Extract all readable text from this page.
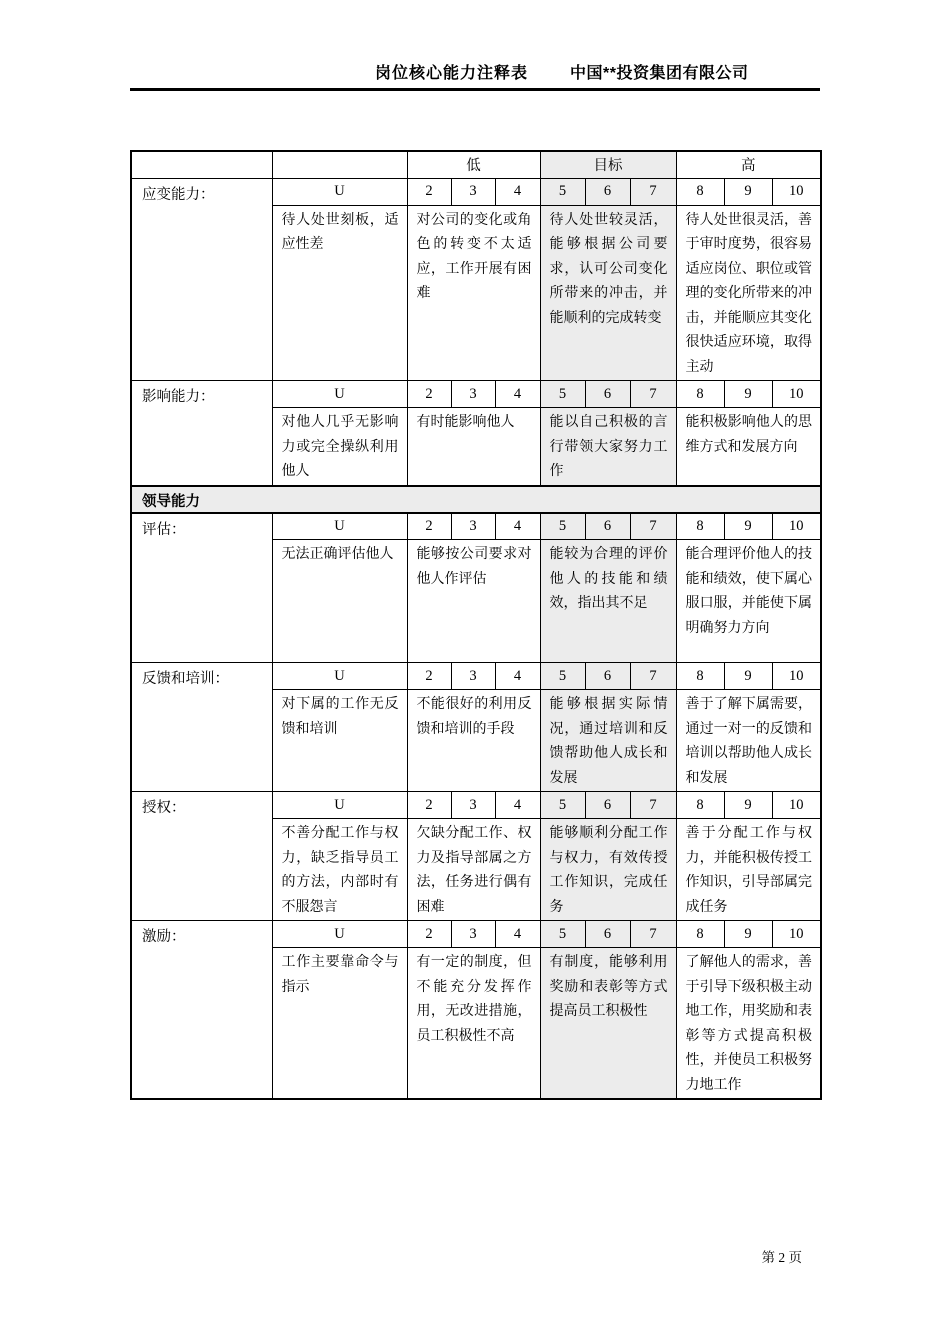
岗位核心能力注释表	中国**投资集团有限公司
		低			目标			高		
应变能力：	U	2	3	4	5	6	7	8	9	10
	待人处世刻板，适应性差	对公司的变化或角色的转变不太适应，工作开展有困难			待人处世较灵活，能够根据公司要求，认可公司变化所带来的冲击，并能顺利的完成转变			待人处世很灵活，善于审时度势，很容易适应岗位、职位或管理的变化所带来的冲击，并能顺应其变化很快适应环境，取得主动		
影响能力：	U	2	3	4	5	6	7	8	9	10
	对他人几乎无影响力或完全操纵利用他人	有时能影响他人			能以自己积极的言行带领大家努力工作			能积极影响他人的思维方式和发展方向		
领导能力										
评估：	U	2	3	4	5	6	7	8	9	10
	无法正确评估他人	能够按公司要求对他人作评估			能较为合理的评价他人的技能和绩效，指出其不足			能合理评价他人的技能和绩效，使下属心服口服，并能使下属明确努力方向		
反馈和培训：	U	2	3	4	5	6	7	8	9	10
	对下属的工作无反馈和培训	不能很好的利用反馈和培训的手段			能够根据实际情况，通过培训和反馈帮助他人成长和发展			善于了解下属需要，通过一对一的反馈和培训以帮助他人成长和发展		
授权：	U	2	3	4	5	6	7	8	9	10
	不善分配工作与权力，缺乏指导员工的方法，内部时有不服怨言	欠缺分配工作、权力及指导部属之方法，任务进行偶有困难			能够顺利分配工作与权力，有效传授工作知识，完成任务			善于分配工作与权力，并能积极传授工作知识，引导部属完成任务		
激励：	U	2	3	4	5	6	7	8	9	10
	工作主要靠命令与指示	有一定的制度，但不能充分发挥作用，无改进措施，员工积极性不高			有制度，能够利用奖励和表彰等方式提高员工积极性			了解他人的需求，善于引导下级积极主动地工作，用奖励和表彰等方式提高积极性，并使员工积极努力地工作		
第 2 页
